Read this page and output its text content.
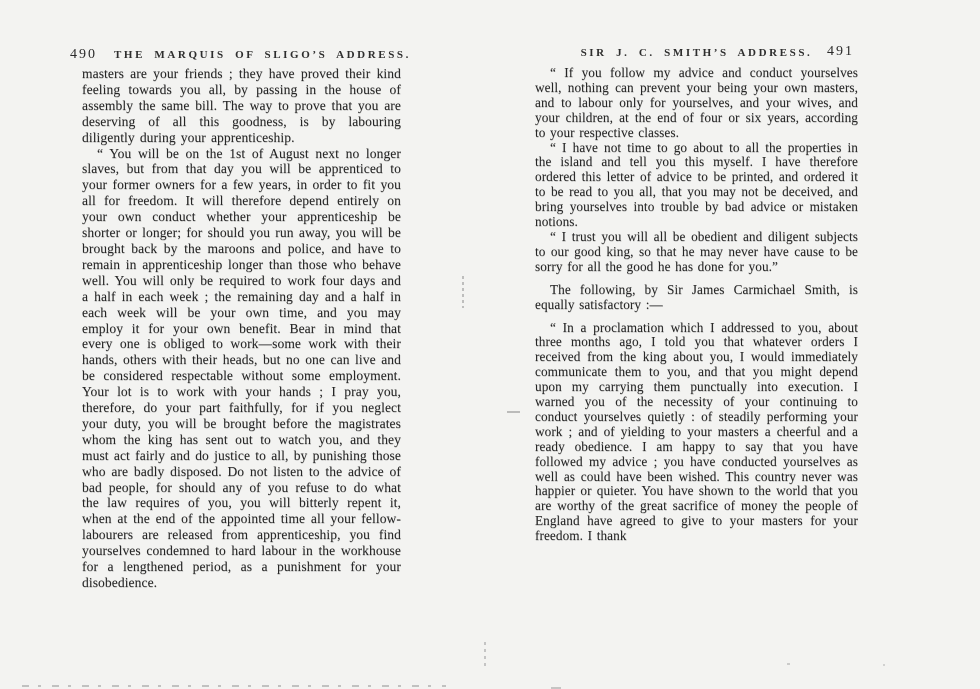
490 THE MARQUIS OF SLIGO’S ADDRESS.

masters are your friends ; they have proved their kind feeling towards you all, by passing in the house of assembly the same bill. The way to prove that you are deserving of all this goodness, is by labouring diligently during your apprenticeship.

“ You will be on the 1st of August next no longer slaves, but from that day you will be apprenticed to your former owners for a few years, in order to fit you all for freedom. It will therefore depend entirely on your own conduct whether your apprenticeship be shorter or longer; for should you run away, you will be brought back by the maroons and police, and have to remain in apprenticeship longer than those who behave well. You will only be required to work four days and a half in each week ; the remaining day and a half in each week will be your own time, and you may employ it for your own benefit. Bear in mind that every one is obliged to work—some work with their hands, others with their heads, but no one can live and be considered respectable without some employment. Your lot is to work with your hands ; I pray you, therefore, do your part faithfully, for if you neglect your duty, you will be brought before the magistrates whom the king has sent out to watch you, and they must act fairly and do justice to all, by punishing those who are badly disposed. Do not listen to the advice of bad people, for should any of you refuse to do what the law requires of you, you will bitterly repent it, when at the end of the appointed time all your fellow-labourers are released from apprenticeship, you find yourselves condemned to hard labour in the workhouse for a lengthened period, as a punishment for your disobedience.

SIR J. C. SMITH’S ADDRESS.	491

“ If you follow my advice and conduct yourselves well, nothing can prevent your being your own masters, and to labour only for yourselves, and your wives, and your children, at the end of four or six years, according to your respective classes.

“ I have not time to go about to all the properties in the island and tell you this myself. I have therefore ordered this letter of advice to be printed, and ordered it to be read to you all, that you may not be deceived, and bring yourselves into trouble by bad advice or mistaken notions.

“ I trust you will all be obedient and diligent subjects to our good king, so that he may never have cause to be sorry for all the good he has done for you.”

The following, by Sir James Carmichael Smith, is equally satisfactory :—

“ In a proclamation which I addressed to you, about three months ago, I told you that whatever orders I received from the king about you, I would immediately communicate them to you, and that you might depend upon my carrying them punctually into execution. I warned you of the necessity of your continuing to conduct yourselves quietly : of steadily performing your work ; and of yielding to your masters a cheerful and a ready obedience. I am happy to say that you have followed my advice ; you have conducted yourselves as well as could have been wished. This country never was happier or quieter. You have shown to the world that you are worthy of the great sacrifice of money the people of England have agreed to give to your masters for your freedom. I thank
